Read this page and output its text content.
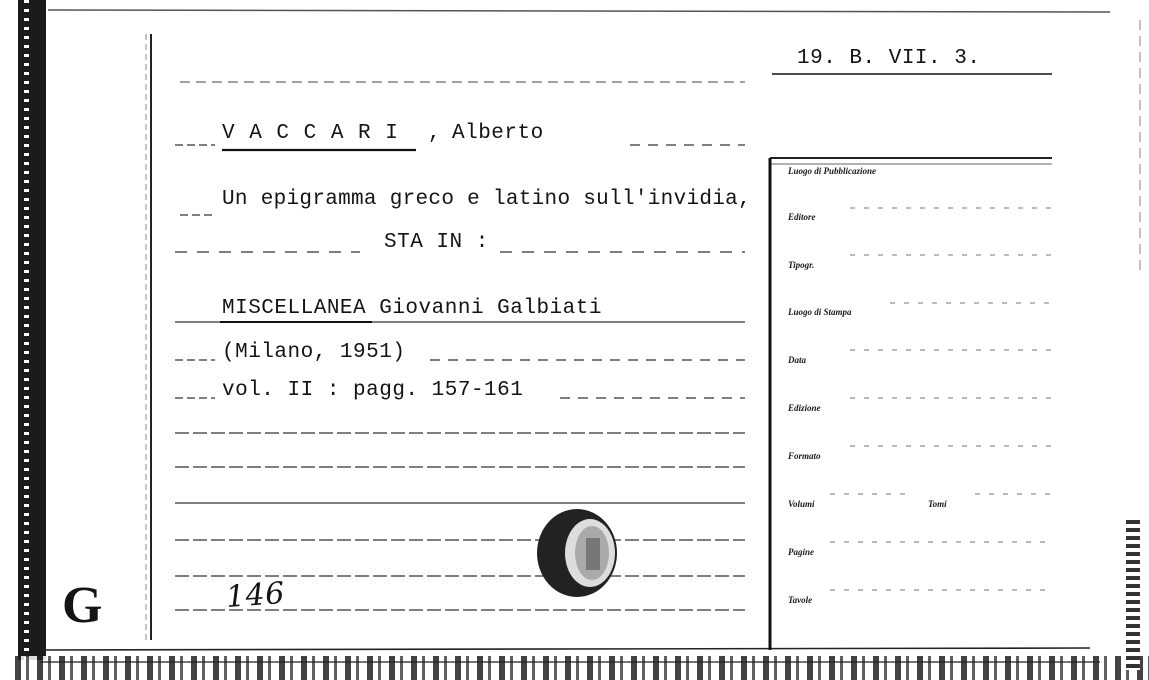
19. B. VII. 3.
V A C C A R I , Alberto
Un epigramma greco e latino sull'invidia,
STA IN :
MISCELLANEA Giovanni Galbiati
(Milano, 1951)
vol. II : pagg. 157-161
146
G
Luogo di Pubblicazione
Editore
Tipogr.
Luogo di Stampa
Data
Edizione
Formato
Volumi	Tomi
Pagine
Tavole
